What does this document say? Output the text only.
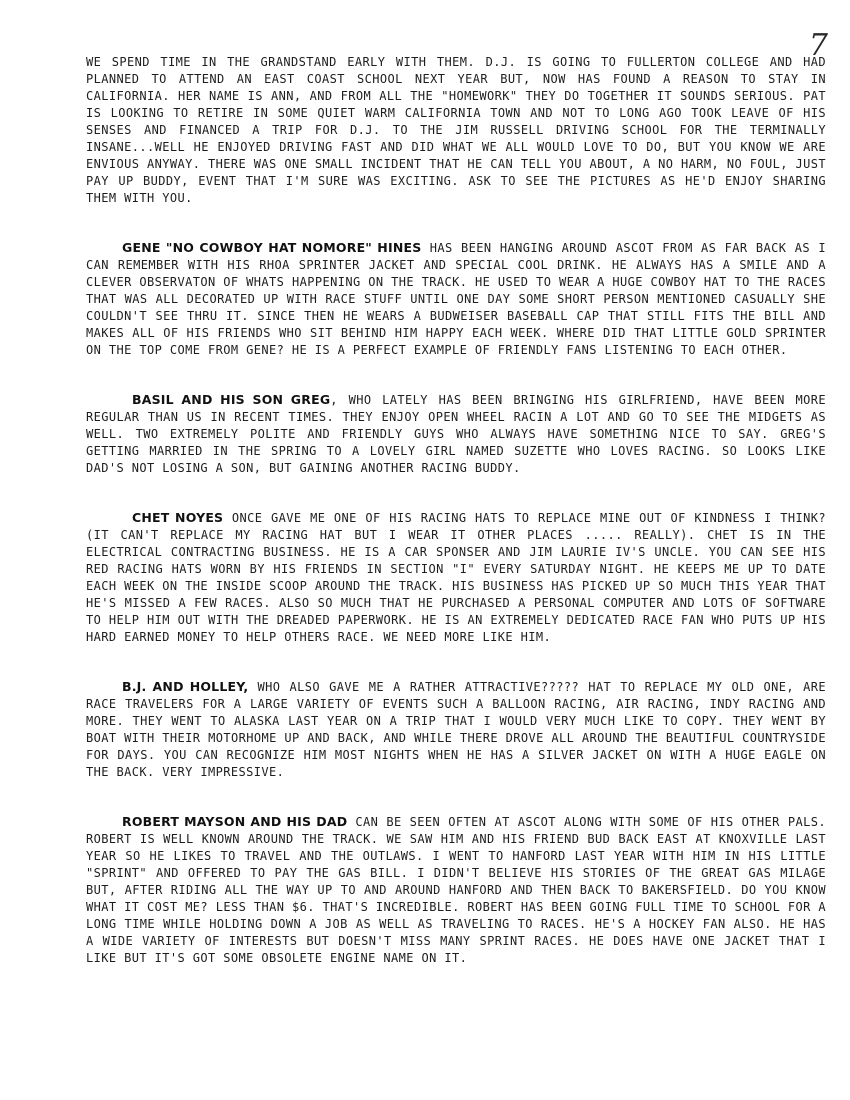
7

WE SPEND TIME IN THE GRANDSTAND EARLY WITH THEM. D.J. IS GOING TO FULLERTON COLLEGE AND HAD PLANNED TO ATTEND AN EAST COAST SCHOOL NEXT YEAR BUT, NOW HAS FOUND A REASON TO STAY IN CALIFORNIA. HER NAME IS ANN, AND FROM ALL THE "HOMEWORK" THEY DO TOGETHER IT SOUNDS SERIOUS. PAT IS LOOKING TO RETIRE IN SOME QUIET WARM CALIFORNIA TOWN AND NOT TO LONG AGO TOOK LEAVE OF HIS SENSES AND FINANCED A TRIP FOR D.J. TO THE JIM RUSSELL DRIVING SCHOOL FOR THE TERMINALLY INSANE...WELL HE ENJOYED DRIVING FAST AND DID WHAT WE ALL WOULD LOVE TO DO, BUT YOU KNOW WE ARE ENVIOUS ANYWAY. THERE WAS ONE SMALL INCIDENT THAT HE CAN TELL YOU ABOUT, A NO HARM, NO FOUL, JUST PAY UP BUDDY, EVENT THAT I'M SURE WAS EXCITING. ASK TO SEE THE PICTURES AS HE'D ENJOY SHARING THEM WITH YOU.

GENE "NO COWBOY HAT NOMORE" HINES HAS BEEN HANGING AROUND ASCOT FROM AS FAR BACK AS I CAN REMEMBER WITH HIS RHOA SPRINTER JACKET AND SPECIAL COOL DRINK. HE ALWAYS HAS A SMILE AND A CLEVER OBSERVATON OF WHATS HAPPENING ON THE TRACK. HE USED TO WEAR A HUGE COWBOY HAT TO THE RACES THAT WAS ALL DECORATED UP WITH RACE STUFF UNTIL ONE DAY SOME SHORT PERSON MENTIONED CASUALLY SHE COULDN'T SEE THRU IT. SINCE THEN HE WEARS A BUDWEISER BASEBALL CAP THAT STILL FITS THE BILL AND MAKES ALL OF HIS FRIENDS WHO SIT BEHIND HIM HAPPY EACH WEEK. WHERE DID THAT LITTLE GOLD SPRINTER ON THE TOP COME FROM GENE? HE IS A PERFECT EXAMPLE OF FRIENDLY FANS LISTENING TO EACH OTHER.

BASIL AND HIS SON GREG, WHO LATELY HAS BEEN BRINGING HIS GIRLFRIEND, HAVE BEEN MORE REGULAR THAN US IN RECENT TIMES. THEY ENJOY OPEN WHEEL RACIN A LOT AND GO TO SEE THE MIDGETS AS WELL. TWO EXTREMELY POLITE AND FRIENDLY GUYS WHO ALWAYS HAVE SOMETHING NICE TO SAY. GREG'S GETTING MARRIED IN THE SPRING TO A LOVELY GIRL NAMED SUZETTE WHO LOVES RACING. SO LOOKS LIKE DAD'S NOT LOSING A SON, BUT GAINING ANOTHER RACING BUDDY.

CHET NOYES ONCE GAVE ME ONE OF HIS RACING HATS TO REPLACE MINE OUT OF KINDNESS I THINK? (IT CAN'T REPLACE MY RACING HAT BUT I WEAR IT OTHER PLACES ..... REALLY). CHET IS IN THE ELECTRICAL CONTRACTING BUSINESS. HE IS A CAR SPONSER AND JIM LAURIE IV'S UNCLE. YOU CAN SEE HIS RED RACING HATS WORN BY HIS FRIENDS IN SECTION "I" EVERY SATURDAY NIGHT. HE KEEPS ME UP TO DATE EACH WEEK ON THE INSIDE SCOOP AROUND THE TRACK. HIS BUSINESS HAS PICKED UP SO MUCH THIS YEAR THAT HE'S MISSED A FEW RACES. ALSO SO MUCH THAT HE PURCHASED A PERSONAL COMPUTER AND LOTS OF SOFTWARE TO HELP HIM OUT WITH THE DREADED PAPERWORK. HE IS AN EXTREMELY DEDICATED RACE FAN WHO PUTS UP HIS HARD EARNED MONEY TO HELP OTHERS RACE. WE NEED MORE LIKE HIM.

B.J. AND HOLLEY, WHO ALSO GAVE ME A RATHER ATTRACTIVE????? HAT TO REPLACE MY OLD ONE, ARE RACE TRAVELERS FOR A LARGE VARIETY OF EVENTS SUCH A BALLOON RACING, AIR RACING, INDY RACING AND MORE. THEY WENT TO ALASKA LAST YEAR ON A TRIP THAT I WOULD VERY MUCH LIKE TO COPY. THEY WENT BY BOAT WITH THEIR MOTORHOME UP AND BACK, AND WHILE THERE DROVE ALL AROUND THE BEAUTIFUL COUNTRYSIDE FOR DAYS. YOU CAN RECOGNIZE HIM MOST NIGHTS WHEN HE HAS A SILVER JACKET ON WITH A HUGE EAGLE ON THE BACK. VERY IMPRESSIVE.

ROBERT MAYSON AND HIS DAD CAN BE SEEN OFTEN AT ASCOT ALONG WITH SOME OF HIS OTHER PALS. ROBERT IS WELL KNOWN AROUND THE TRACK. WE SAW HIM AND HIS FRIEND BUD BACK EAST AT KNOXVILLE LAST YEAR SO HE LIKES TO TRAVEL AND THE OUTLAWS. I WENT TO HANFORD LAST YEAR WITH HIM IN HIS LITTLE "SPRINT" AND OFFERED TO PAY THE GAS BILL. I DIDN'T BELIEVE HIS STORIES OF THE GREAT GAS MILAGE BUT, AFTER RIDING ALL THE WAY UP TO AND AROUND HANFORD AND THEN BACK TO BAKERSFIELD. DO YOU KNOW WHAT IT COST ME? LESS THAN $6. THAT'S INCREDIBLE. ROBERT HAS BEEN GOING FULL TIME TO SCHOOL FOR A LONG TIME WHILE HOLDING DOWN A JOB AS WELL AS TRAVELING TO RACES. HE'S A HOCKEY FAN ALSO. HE HAS A WIDE VARIETY OF INTERESTS BUT DOESN'T MISS MANY SPRINT RACES. HE DOES HAVE ONE JACKET THAT I LIKE BUT IT'S GOT SOME OBSOLETE ENGINE NAME ON IT.
